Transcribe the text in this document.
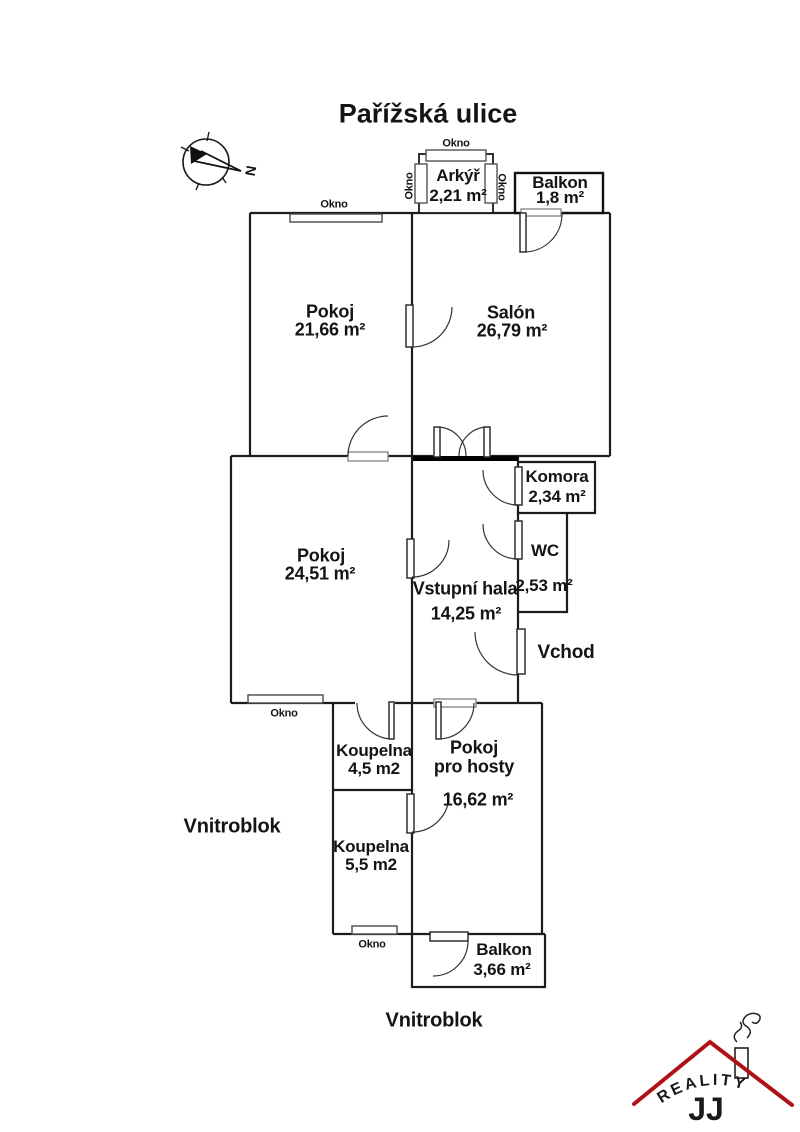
N
REALITY
JJ
Pařížská ulice
Okno
Okno	Okno
Okno
Okno
Okno
Arkýř
2,21 m²
Balkon
1,8 m²
Pokoj
21,66 m²
Salón
26,79 m²
Komora
2,34 m²
WC
2,53 m²
Pokoj
24,51 m²
Vstupní hala
14,25 m²
Vchod
Koupelna
4,5 m2
Pokoj
pro hosty
16,62 m²
Koupelna
5,5 m2
Vnitroblok
Balkon
3,66 m²
Vnitroblok
